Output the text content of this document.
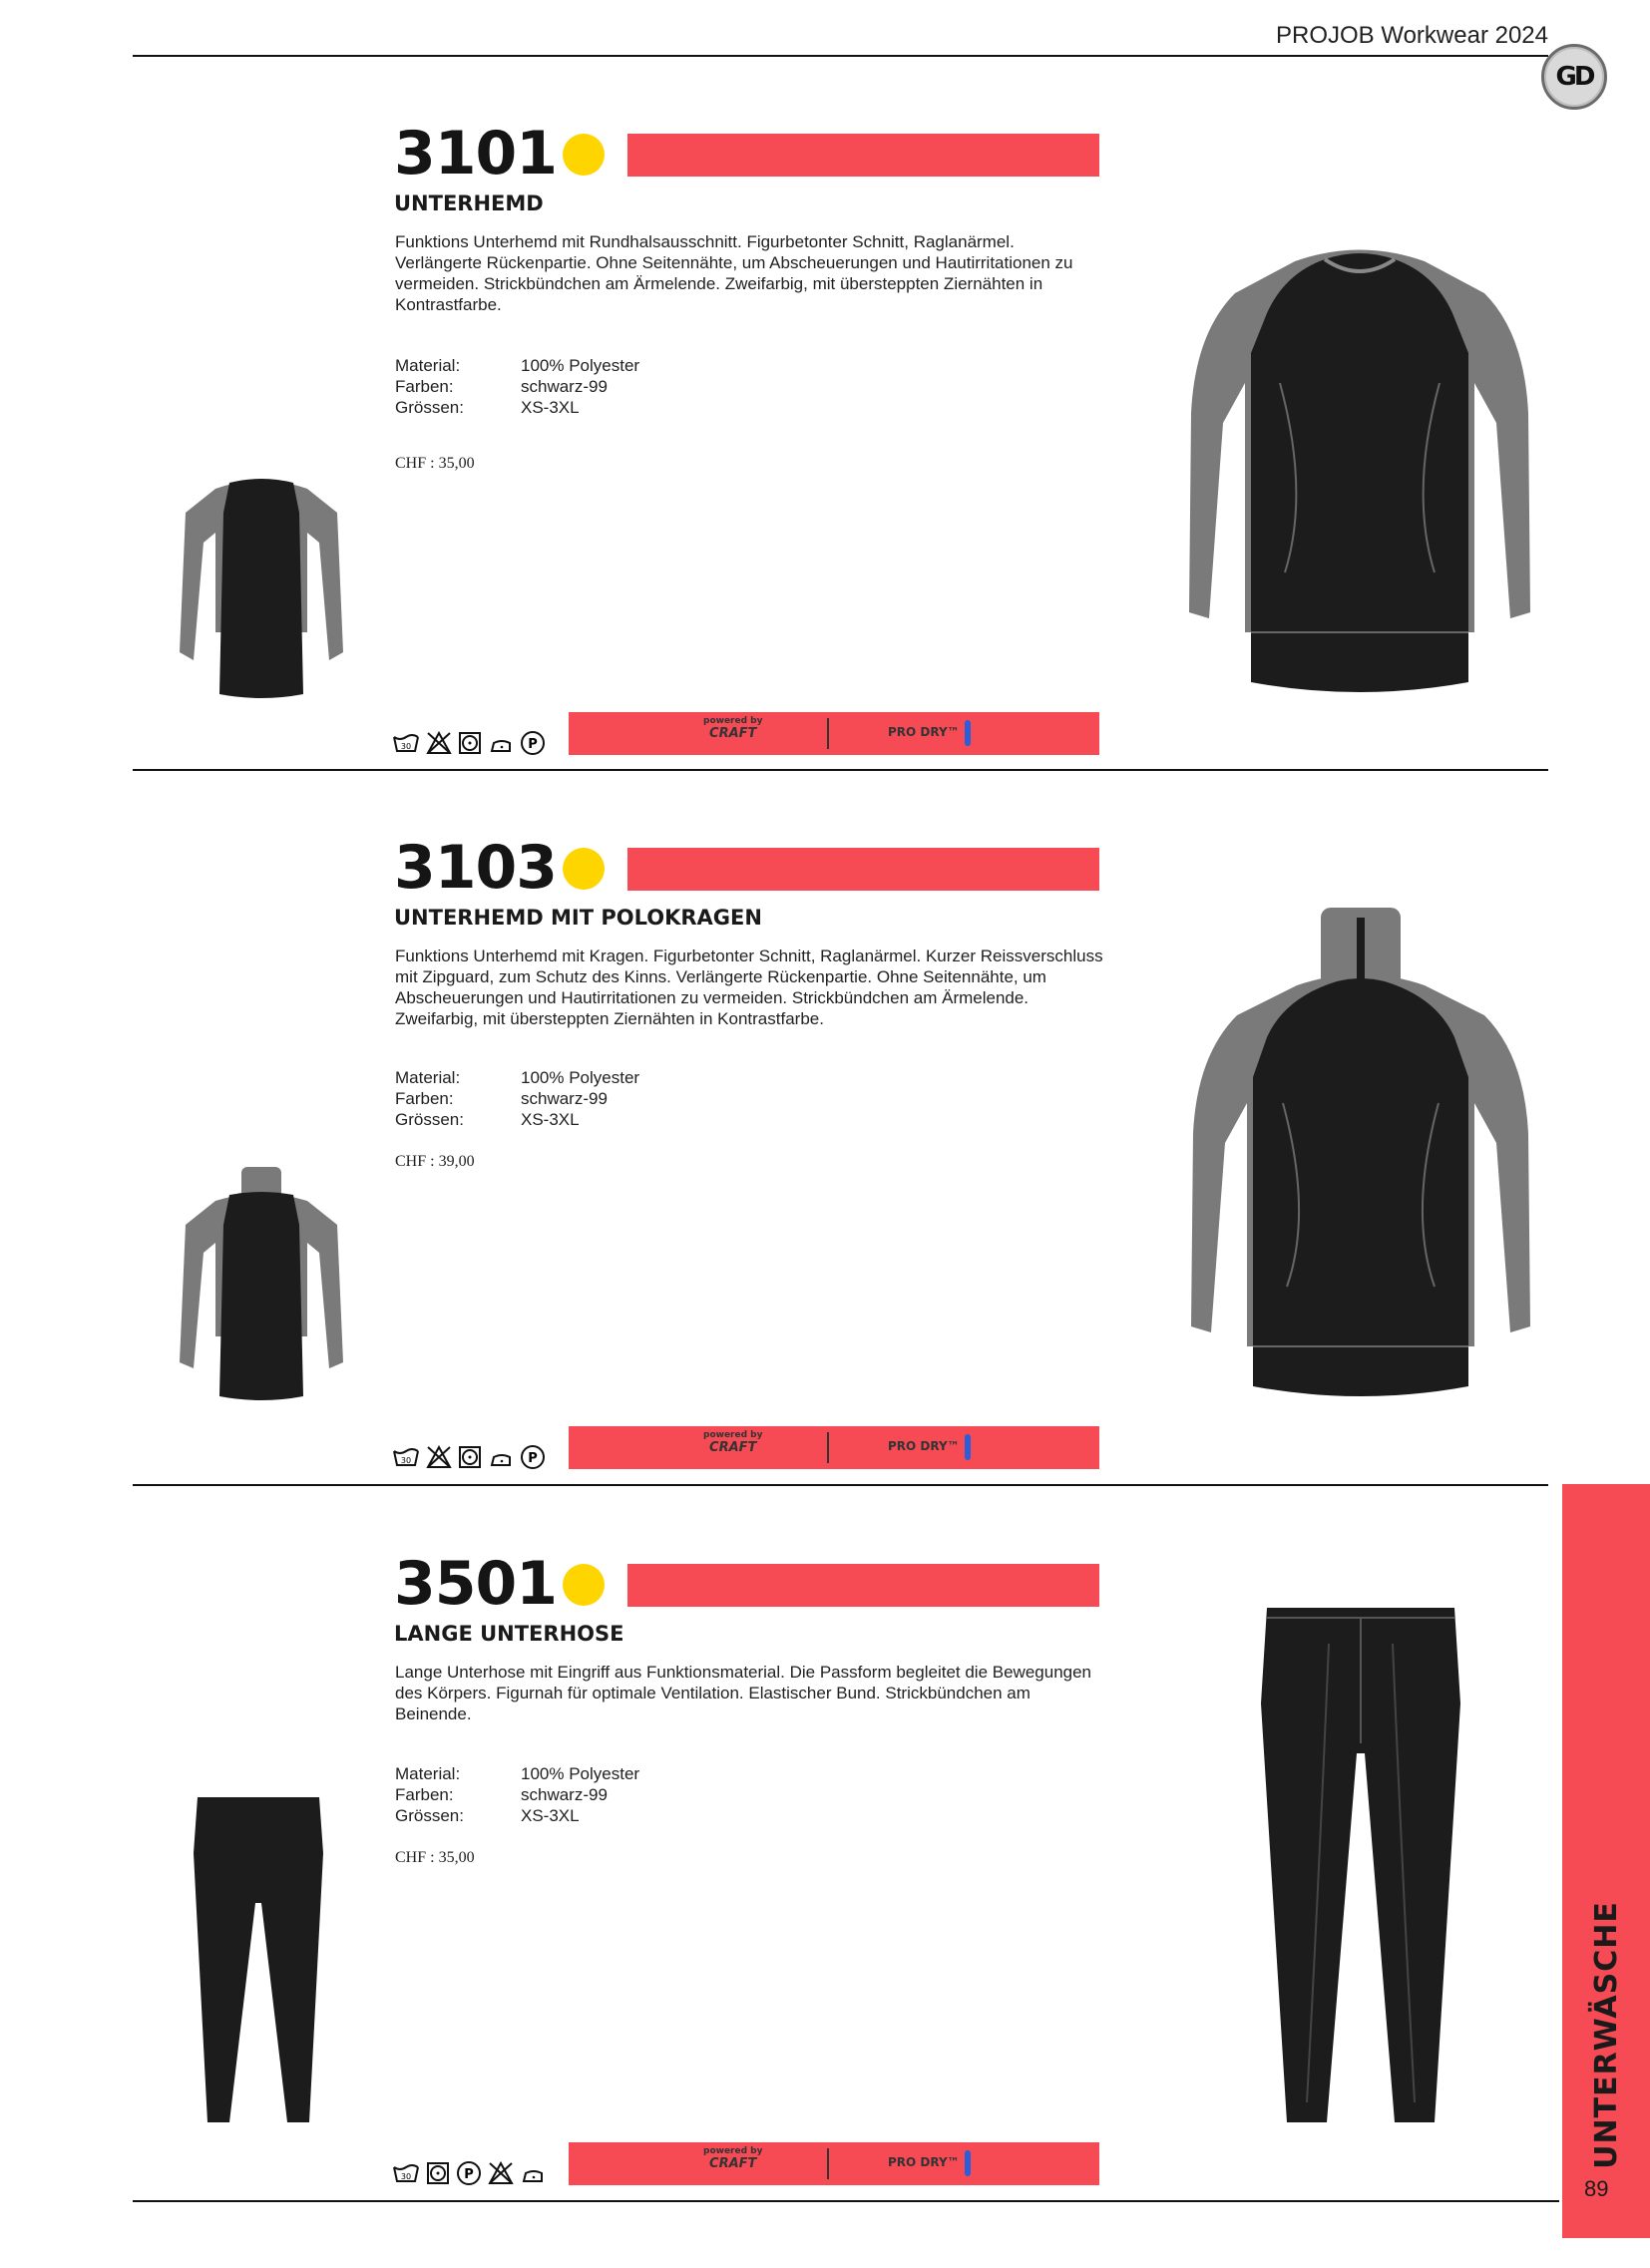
PROJOB Workwear 2024
GD
3101
UNTERHEMD
Funktions Unterhemd mit Rundhalsausschnitt. Figurbetonter Schnitt, Raglanärmel. Verlängerte Rückenpartie. Ohne Seitennähte, um Abscheuerungen und Hautirritationen zu vermeiden. Strickbündchen am Ärmelende. Zweifarbig, mit übersteppten Ziernähten in Kontrastfarbe.
Material:	100% Polyester
Farben:	schwarz-99
Grössen:	XS-3XL
CHF : 35,00
30	P
powered by
CRAFT	PRO DRY™
3103
UNTERHEMD MIT POLOKRAGEN
Funktions Unterhemd mit Kragen. Figurbetonter Schnitt, Raglanärmel. Kurzer Reissverschluss mit Zipguard, zum Schutz des Kinns. Verlängerte Rückenpartie. Ohne Seitennähte, um Abscheuerungen und Hautirritationen zu vermeiden. Strickbündchen am Ärmelende. Zweifarbig, mit übersteppten Ziernähten in Kontrastfarbe.
Material:	100% Polyester
Farben:	schwarz-99
Grössen:	XS-3XL
CHF : 39,00
30	P
powered by
CRAFT	PRO DRY™
3501
LANGE UNTERHOSE
Lange Unterhose mit Eingriff aus Funktionsmaterial. Die Passform begleitet die Bewegungen des Körpers. Figurnah für optimale Ventilation. Elastischer Bund. Strickbündchen am Beinende.
Material:	100% Polyester
Farben:	schwarz-99
Grössen:	XS-3XL
CHF : 35,00
30	P
powered by
CRAFT	PRO DRY™	UNTERWÄSCHE
89
